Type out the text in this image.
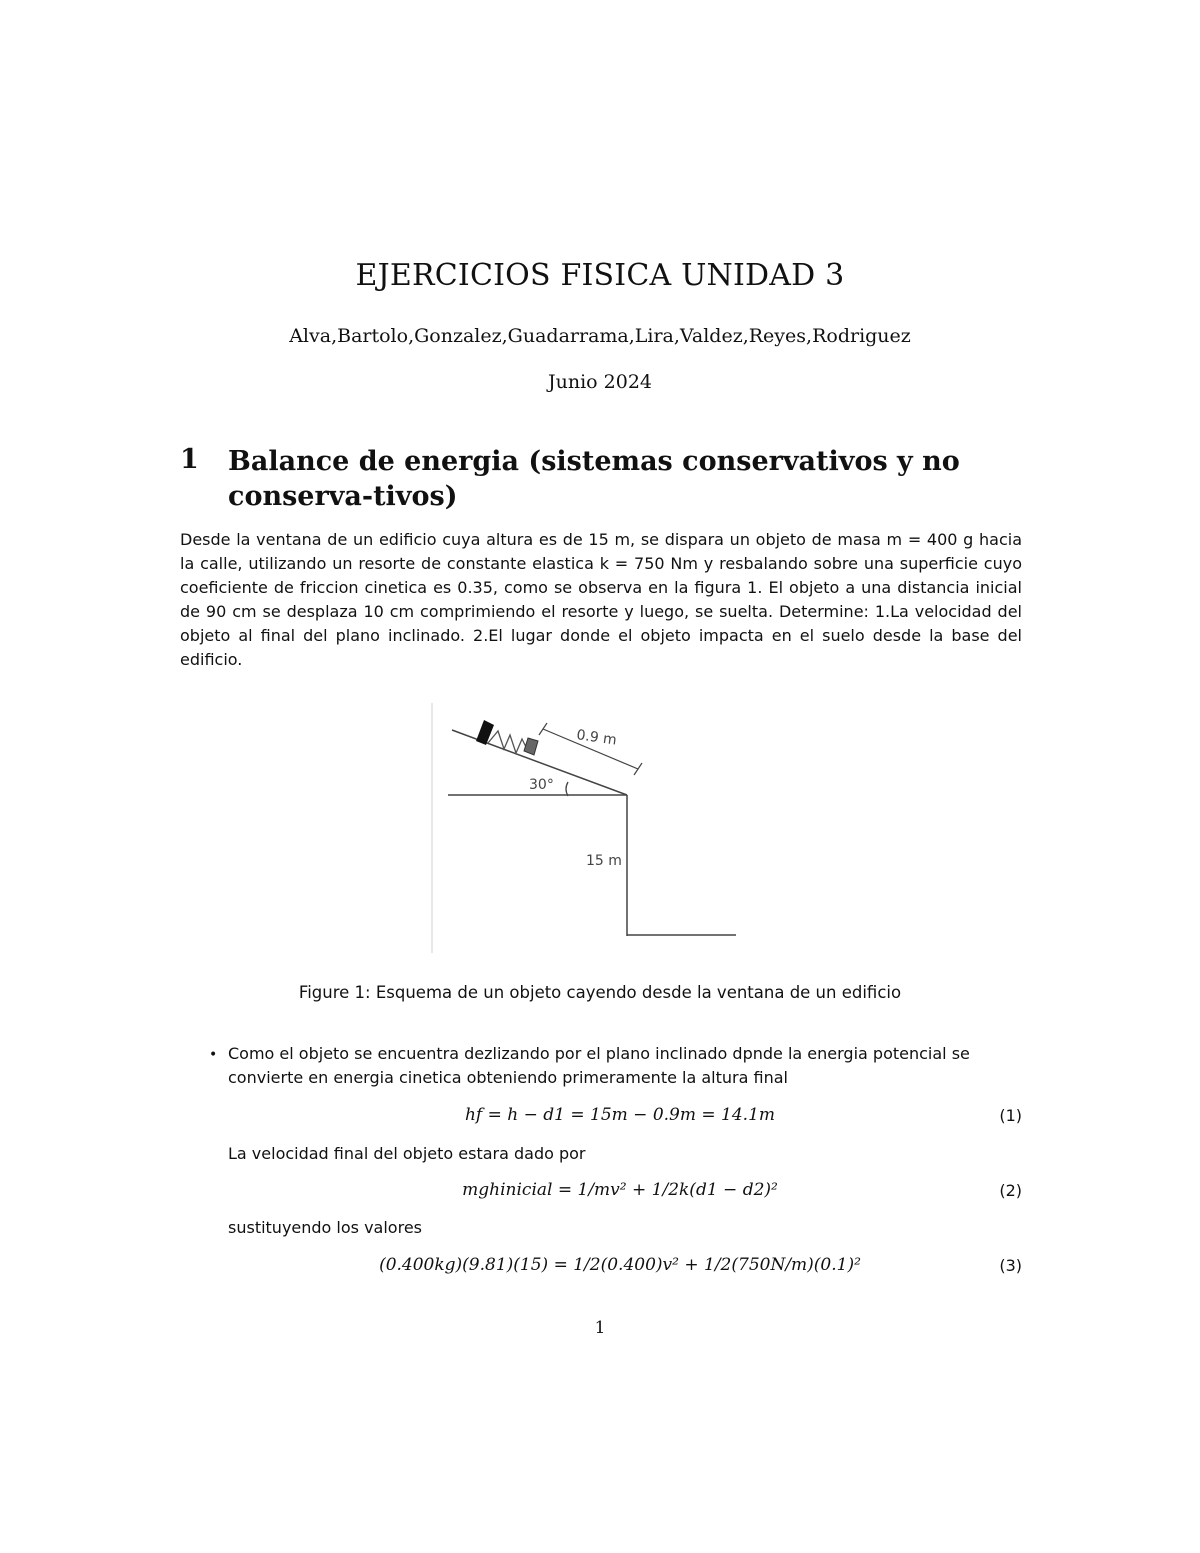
EJERCICIOS FISICA UNIDAD 3
Alva,Bartolo,Gonzalez,Guadarrama,Lira,Valdez,Reyes,Rodriguez
Junio 2024
1 Balance de energia (sistemas conservativos y no conserva-tivos)
Desde la ventana de un edificio cuya altura es de 15 m, se dispara un objeto de masa m = 400 g hacia la calle, utilizando un resorte de constante elastica k = 750 Nm y resbalando sobre una superficie cuyo coeficiente de friccion cinetica es 0.35, como se observa en la figura 1. El objeto a una distancia inicial de 90 cm se desplaza 10 cm comprimiendo el resorte y luego, se suelta. Determine: 1.La velocidad del objeto al final del plano inclinado. 2.El lugar donde el objeto impacta en el suelo desde la base del edificio.
0.9 m
30°
15 m
Figure 1: Esquema de un objeto cayendo desde la ventana de un edificio
• Como el objeto se encuentra dezlizando por el plano inclinado dpnde la energia potencial se convierte en energia cinetica obteniendo primeramente la altura final
hf = h − d1 = 15m − 0.9m = 14.1m	(1)
La velocidad final del objeto estara dado por
mghinicial = 1/mv² + 1/2k(d1 − d2)²	(2)
sustituyendo los valores
(0.400kg)(9.81)(15) = 1/2(0.400)v² + 1/2(750N/m)(0.1)²	(3)
1
